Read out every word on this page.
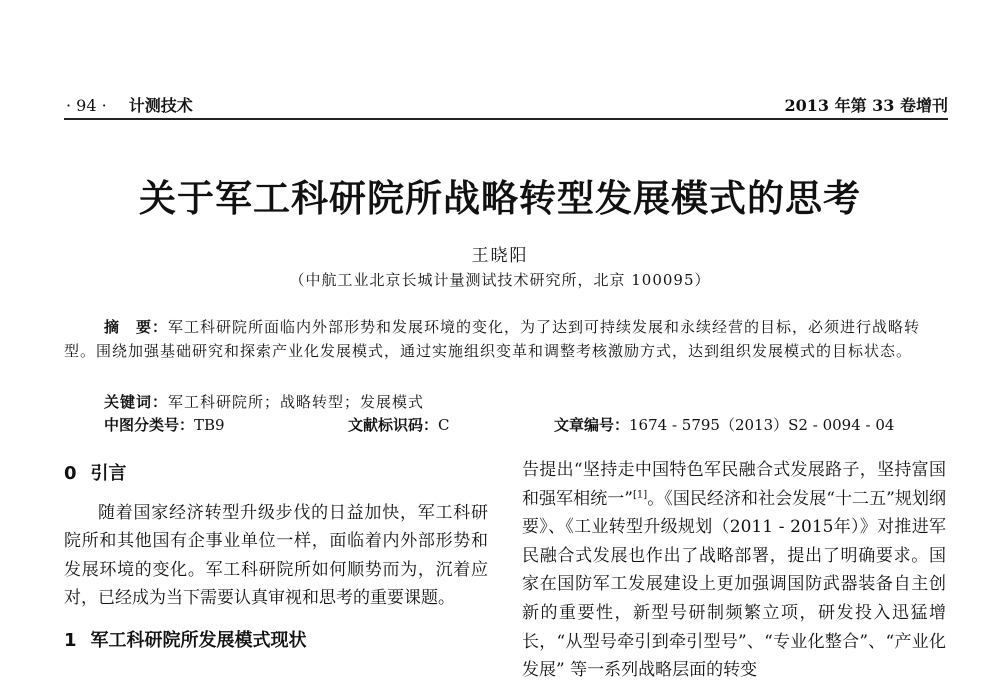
· 94 · 计测技术	2013 年第 33 卷增刊
关于军工科研院所战略转型发展模式的思考
王晓阳
（中航工业北京长城计量测试技术研究所，北京 100095）
摘　要：军工科研院所面临内外部形势和发展环境的变化，为了达到可持续发展和永续经营的目标，必须进行战略转型。围绕加强基础研究和探索产业化发展模式，通过实施组织变革和调整考核激励方式，达到组织发展模式的目标状态。
关键词：军工科研院所；战略转型；发展模式
中图分类号：TB9	文献标识码：C	文章编号：1674 - 5795（2013）S2 - 0094 - 04
0 引言
随着国家经济转型升级步伐的日益加快，军工科研院所和其他国有企事业单位一样，面临着内外部形势和发展环境的变化。军工科研院所如何顺势而为，沉着应对，已经成为当下需要认真审视和思考的重要课题。
1 军工科研院所发展模式现状
告提出“坚持走中国特色军民融合式发展路子，坚持富国和强军相统一”[1]。《国民经济和社会发展“十二五”规划纲要》、《工业转型升级规划（2011 - 2015年）》对推进军民融合式发展也作出了战略部署，提出了明确要求。国家在国防军工发展建设上更加强调国防武器装备自主创新的重要性，新型号研制频繁立项，研发投入迅猛增长，“从型号牵引到牵引型号”、“专业化整合”、“产业化发展” 等一系列战略层面的转变
